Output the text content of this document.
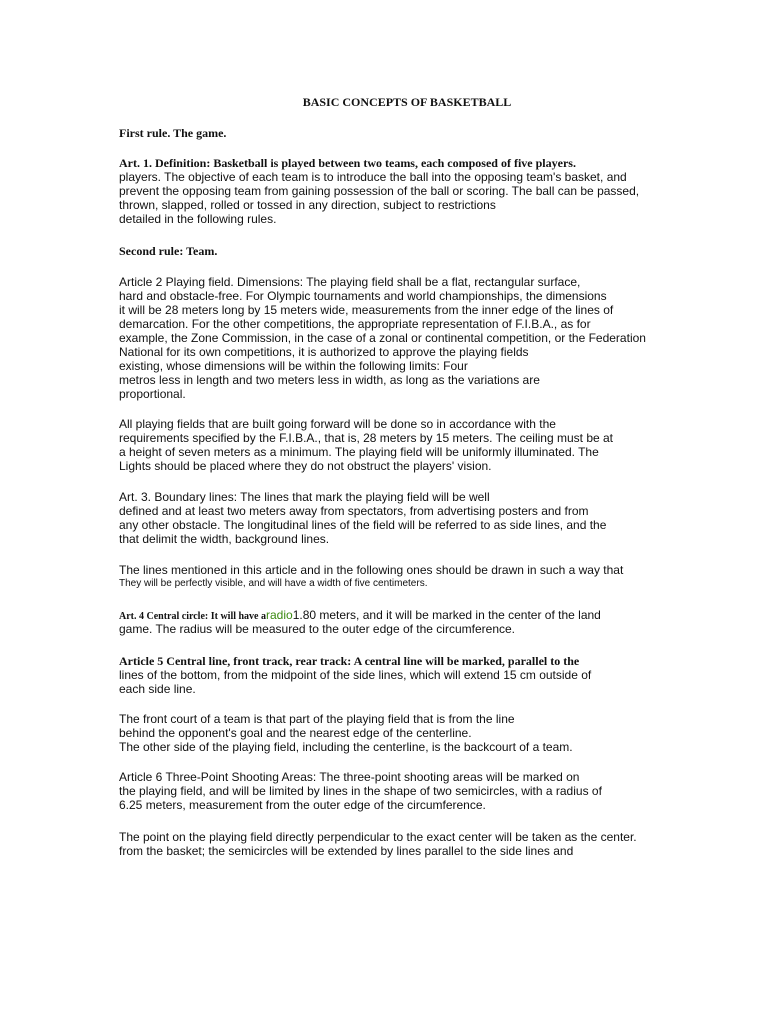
BASIC CONCEPTS OF BASKETBALL
First rule. The game.
Art. 1. Definition: Basketball is played between two teams, each composed of five players.
players. The objective of each team is to introduce the ball into the opposing team's basket, and
prevent the opposing team from gaining possession of the ball or scoring. The ball can be passed,
thrown, slapped, rolled or tossed in any direction, subject to restrictions
detailed in the following rules.
Second rule: Team.
Article 2 Playing field. Dimensions: The playing field shall be a flat, rectangular surface,
hard and obstacle-free. For Olympic tournaments and world championships, the dimensions
it will be 28 meters long by 15 meters wide, measurements from the inner edge of the lines of
demarcation. For the other competitions, the appropriate representation of F.I.B.A., as for
example, the Zone Commission, in the case of a zonal or continental competition, or the Federation
National for its own competitions, it is authorized to approve the playing fields
existing, whose dimensions will be within the following limits: Four
metros less in length and two meters less in width, as long as the variations are
proportional.
All playing fields that are built going forward will be done so in accordance with the
requirements specified by the F.I.B.A., that is, 28 meters by 15 meters. The ceiling must be at
a height of seven meters as a minimum. The playing field will be uniformly illuminated. The
Lights should be placed where they do not obstruct the players' vision.
Art. 3. Boundary lines: The lines that mark the playing field will be well
defined and at least two meters away from spectators, from advertising posters and from
any other obstacle. The longitudinal lines of the field will be referred to as side lines, and the
that delimit the width, background lines.
The lines mentioned in this article and in the following ones should be drawn in such a way that
They will be perfectly visible, and will have a width of five centimeters.
Art. 4 Central circle: It will have aradio1.80 meters, and it will be marked in the center of the land
game. The radius will be measured to the outer edge of the circumference.
Article 5 Central line, front track, rear track: A central line will be marked, parallel to the
lines of the bottom, from the midpoint of the side lines, which will extend 15 cm outside of
each side line.
The front court of a team is that part of the playing field that is from the line
behind the opponent's goal and the nearest edge of the centerline.
The other side of the playing field, including the centerline, is the backcourt of a team.
Article 6 Three-Point Shooting Areas: The three-point shooting areas will be marked on
the playing field, and will be limited by lines in the shape of two semicircles, with a radius of
6.25 meters, measurement from the outer edge of the circumference.
The point on the playing field directly perpendicular to the exact center will be taken as the center.
from the basket; the semicircles will be extended by lines parallel to the side lines and
